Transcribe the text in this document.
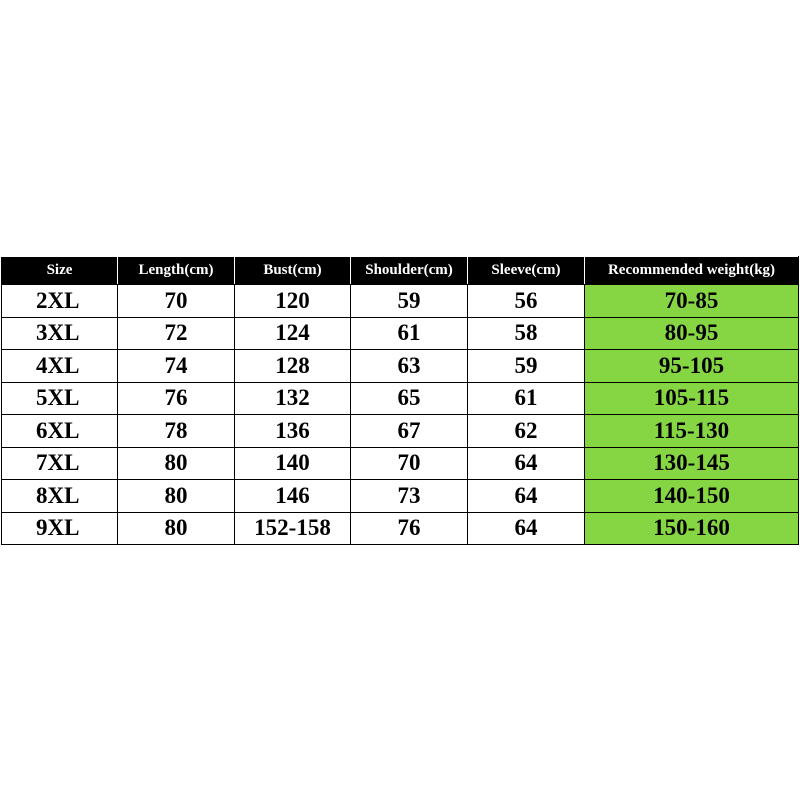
Size	Length(cm)	Bust(cm)	Shoulder(cm)	Sleeve(cm)	Recommended weight(kg)
2XL	70	120	59	56	70-85
3XL	72	124	61	58	80-95
4XL	74	128	63	59	95-105
5XL	76	132	65	61	105-115
6XL	78	136	67	62	115-130
7XL	80	140	70	64	130-145
8XL	80	146	73	64	140-150
9XL	80	152-158	76	64	150-160
